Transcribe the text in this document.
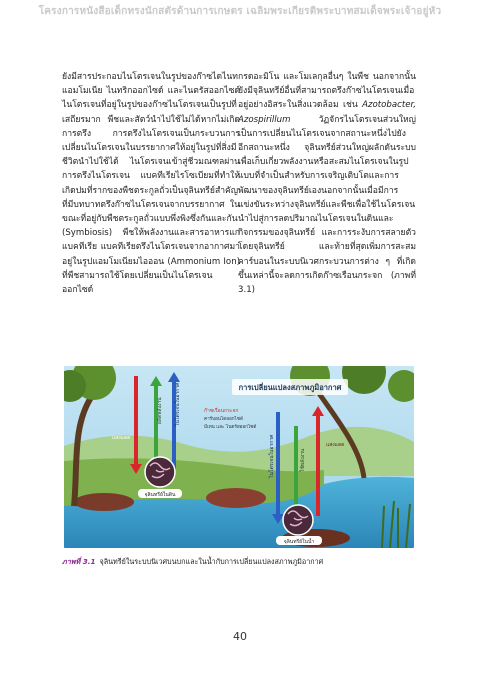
โครงการหนังสือเด็กทรงนักสตัรด้านการเกษตร เฉลิมพระเกียรติพระบาทสมเด็จพระเจ้าอยู่หัว
ยังมีสารประกอบไนโตรเจนในรูปของก๊าซไดไนท แอมโมเนีย ไนทริกออกไซด์ และไนตรัสออกไซด์ ไนโตรเจนที่อยู่ในรูปของก๊าซไนโตรเจนเป็นรูปที่เสถียรมาก พืชและสัตว์นำไปใช้ไม่ได้หากไม่เกิดการตรึง การตรึงไนโตรเจนเป็นกระบวนการเปลี่ยนไนโตรเจนในบรรยากาศให้อยู่ในรูปที่สิ่งมีชีวิตนำไปใช้ได้ ไนโตรเจนเข้าสู่ชีวมณฑลผ่านการตรึงไนโตรเจน แบคทีเรียไรโซเบียมที่ทำให้เกิดปมที่รากของพืชตระกูลถั่วเป็นจุลินทรีย์สำคัญที่มีบทบาทตรึงก๊าซไนโตรเจนจากบรรยากาศ ในขณะที่อยู่กับพืชตระกูลถั่วแบบพึ่งพิงซึ่งกันและกัน (Symbiosis) พืชให้พลังงานและสารอาหารแก่แบคทีเรีย แบคทีเรียตรึงไนโตรเจนจากอากาศมาอยู่ในรูปแอมโมเนียมไอออน (Ammonium Ion) ที่พืชสามารถใช้โดยเปลี่ยนเป็นไนโตรเจนออกไซด์
กรดอะมิโน และโมเลกุลอื่นๆ ในพืช นอกจากนั้นยังมีจุลินทรีย์อื่นที่สามารถตรึงก๊าซไนโตรเจนเมื่ออยู่อย่างอิสระในสิ่งแวดล้อม เช่น Azotobacter, Azospirillum	วัฏจักรไนโตรเจนส่วนใหญ่เป็นการเปลี่ยนไนโตรเจนจากสถานะหนึ่งไปยังอีกสถานะหนึ่ง จุลินทรีย์ส่วนใหญ่ผลักดันระบบเพื่อเก็บเกี่ยวพลังงานหรือสะสมไนโตรเจนในรูปแบบที่จำเป็นสำหรับการเจริญเติบโตและการพัฒนาของจุลินทรีย์เองนอกจากนั้นเมื่อมีการแข่งขันระหว่างจุลินทรีย์และพืชเพื่อใช้ไนโตรเจน นำไปสู่การลดปริมาณไนโตรเจนในดินและกิจกรรมของจุลินทรีย์ และการระงับการสลายตัวโดยจุลินทรีย์ และท้ายที่สุดเพิ่มการสะสมคาร์บอนในระบบนิเวศกระบวนการต่าง ๆ ที่เกิดขึ้นเหล่านี้จะลดการเกิดก๊าซเรือนกระจก (ภาพที่ 3.1)
การเปลี่ยนแปลงสภาพภูมิอากาศ
แสงแดด
ผลิตพลังงาน ไนโตรเจนในอากาศ	ก๊าซเรือนกระจก
คาร์บอนไดออกไซด์
มีเทน และ ไนตรัสออกไซด์
ไนโตรเจนในอากาศ	ใช้พลังงาน
แสงแดด
จุลินทรีย์ในดิน
จุลินทรีย์ในน้ำ
ภาพที่ 3.1 จุลินทรีย์ในระบบนิเวศบนบกและในน้ำกับการเปลี่ยนแปลงสภาพภูมิอากาศ
40
